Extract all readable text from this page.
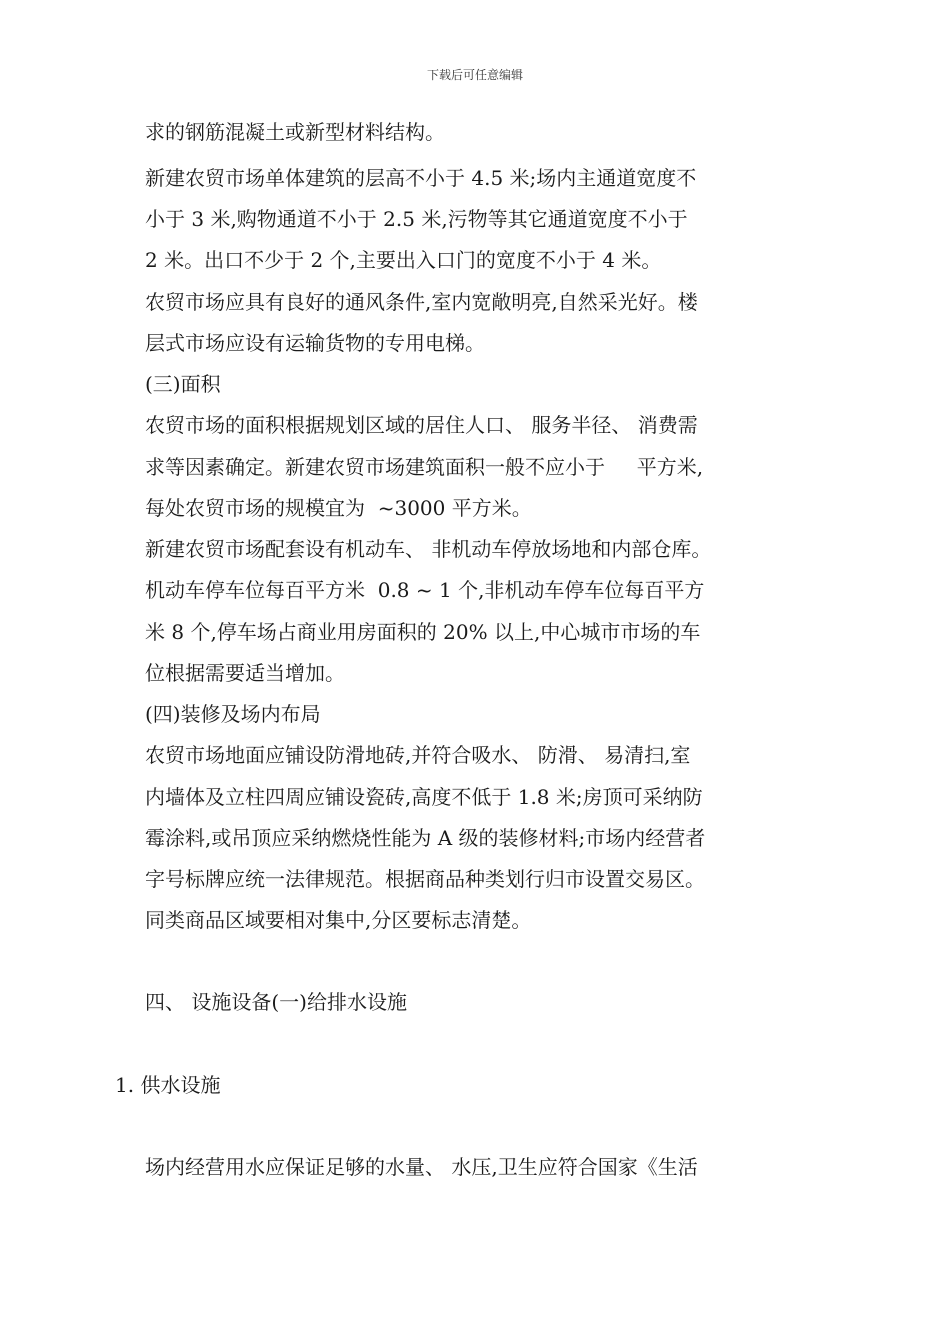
下载后可任意编辑
求的钢筋混凝土或新型材料结构。
新建农贸市场单体建筑的层高不小于 4.5 米;场内主通道宽度不
小于 3 米,购物通道不小于 2.5 米,污物等其它通道宽度不小于
2 米。出口不少于 2 个,主要出入口门的宽度不小于 4 米。
农贸市场应具有良好的通风条件,室内宽敞明亮,自然采光好。楼
层式市场应设有运输货物的专用电梯。
(三)面积
农贸市场的面积根据规划区域的居住人口、 服务半径、 消费需
求等因素确定。新建农贸市场建筑面积一般不应小于     平方米,
每处农贸市场的规模宜为  ~3000 平方米。
新建农贸市场配套设有机动车、 非机动车停放场地和内部仓库。
机动车停车位每百平方米  0.8 ~ 1 个,非机动车停车位每百平方
米 8 个,停车场占商业用房面积的 20% 以上,中心城市市场的车
位根据需要适当增加。
(四)装修及场内布局
农贸市场地面应铺设防滑地砖,并符合吸水、 防滑、 易清扫,室
内墙体及立柱四周应铺设瓷砖,高度不低于 1.8 米;房顶可采纳防
霉涂料,或吊顶应采纳燃烧性能为 A 级的装修材料;市场内经营者
字号标牌应统一法律规范。根据商品种类划行归市设置交易区。
同类商品区域要相对集中,分区要标志清楚。
四、 设施设备(一)给排水设施
1. 供水设施
场内经营用水应保证足够的水量、 水压,卫生应符合国家《生活
